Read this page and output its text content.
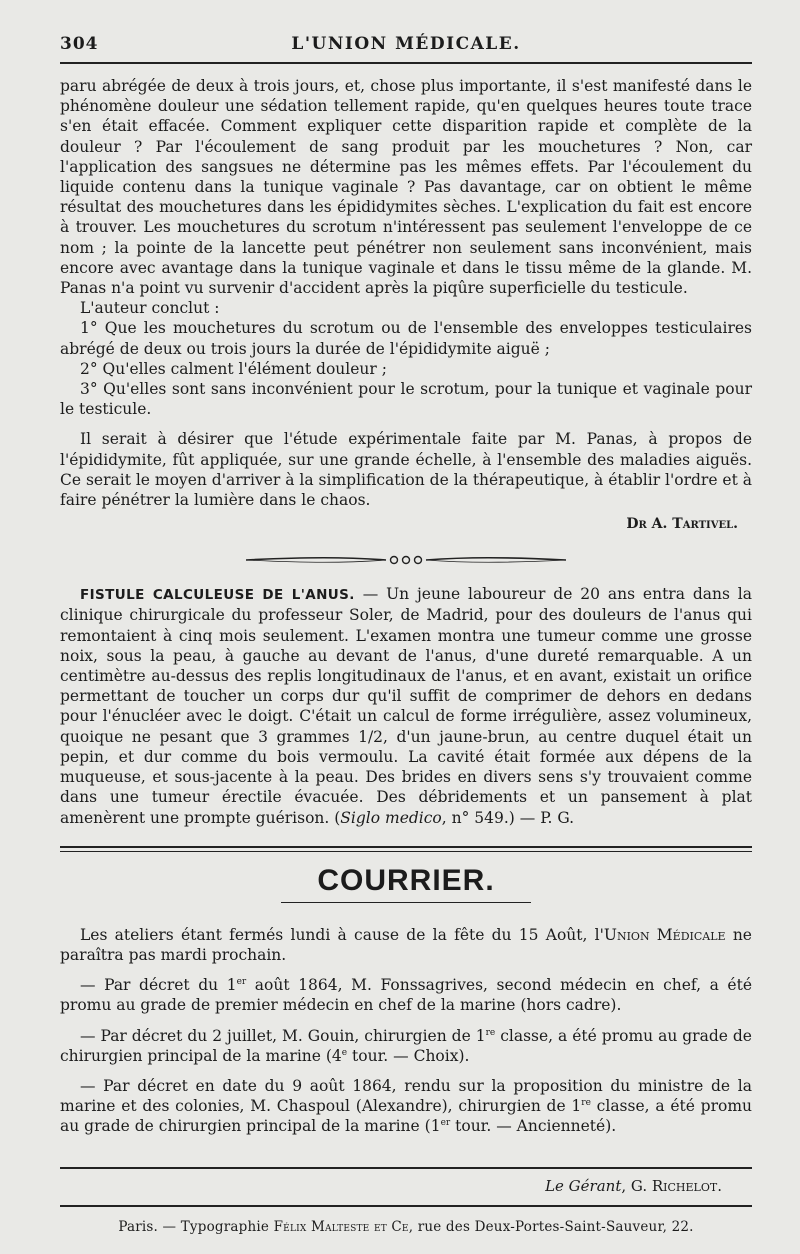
304	L'UNION MÉDICALE.

paru abrégée de deux à trois jours, et, chose plus importante, il s'est manifesté dans le phénomène douleur une sédation tellement rapide, qu'en quelques heures toute trace s'en était effacée. Comment expliquer cette disparition rapide et complète de la douleur ? Par l'écoulement de sang produit par les mouchetures ? Non, car l'application des sangsues ne détermine pas les mêmes effets. Par l'écoulement du liquide contenu dans la tunique vaginale ? Pas davantage, car on obtient le même résultat des mouchetures dans les épididymites sèches. L'explication du fait est encore à trouver. Les mouchetures du scrotum n'intéressent pas seulement l'enveloppe de ce nom ; la pointe de la lancette peut pénétrer non seulement sans inconvénient, mais encore avec avantage dans la tunique vaginale et dans le tissu même de la glande. M. Panas n'a point vu survenir d'accident après la piqûre superficielle du testicule.

L'auteur conclut :

1° Que les mouchetures du scrotum ou de l'ensemble des enveloppes testiculaires abrégé de deux ou trois jours la durée de l'épididymite aiguë ;

2° Qu'elles calment l'élément douleur ;

3° Qu'elles sont sans inconvénient pour le scrotum, pour la tunique et vaginale pour le testicule.

Il serait à désirer que l'étude expérimentale faite par M. Panas, à propos de l'épididymite, fût appliquée, sur une grande échelle, à l'ensemble des maladies aiguës. Ce serait le moyen d'arriver à la simplification de la thérapeutique, à établir l'ordre et à faire pénétrer la lumière dans le chaos.

Dr A. Tartivel.

FISTULE CALCULEUSE DE L'ANUS. — Un jeune laboureur de 20 ans entra dans la clinique chirurgicale du professeur Soler, de Madrid, pour des douleurs de l'anus qui remontaient à cinq mois seulement. L'examen montra une tumeur comme une grosse noix, sous la peau, à gauche au devant de l'anus, d'une dureté remarquable. A un centimètre au-dessus des replis longitudinaux de l'anus, et en avant, existait un orifice permettant de toucher un corps dur qu'il suffit de comprimer de dehors en dedans pour l'énucléer avec le doigt. C'était un calcul de forme irrégulière, assez volumineux, quoique ne pesant que 3 grammes 1/2, d'un jaune-brun, au centre duquel était un pepin, et dur comme du bois vermoulu. La cavité était formée aux dépens de la muqueuse, et sous-jacente à la peau. Des brides en divers sens s'y trouvaient comme dans une tumeur érectile évacuée. Des débridements et un pansement à plat amenèrent une prompte guérison. (Siglo medico, n° 549.) — P. G.

COURRIER.

Les ateliers étant fermés lundi à cause de la fête du 15 Août, l'Union Médicale ne paraîtra pas mardi prochain.

— Par décret du 1er août 1864, M. Fonssagrives, second médecin en chef, a été promu au grade de premier médecin en chef de la marine (hors cadre).

— Par décret du 2 juillet, M. Gouin, chirurgien de 1re classe, a été promu au grade de chirurgien principal de la marine (4e tour. — Choix).

— Par décret en date du 9 août 1864, rendu sur la proposition du ministre de la marine et des colonies, M. Chaspoul (Alexandre), chirurgien de 1re classe, a été promu au grade de chirurgien principal de la marine (1er tour. — Ancienneté).

Le Gérant, G. Richelot.
Paris. — Typographie Félix Malteste et Ce, rue des Deux-Portes-Saint-Sauveur, 22.
